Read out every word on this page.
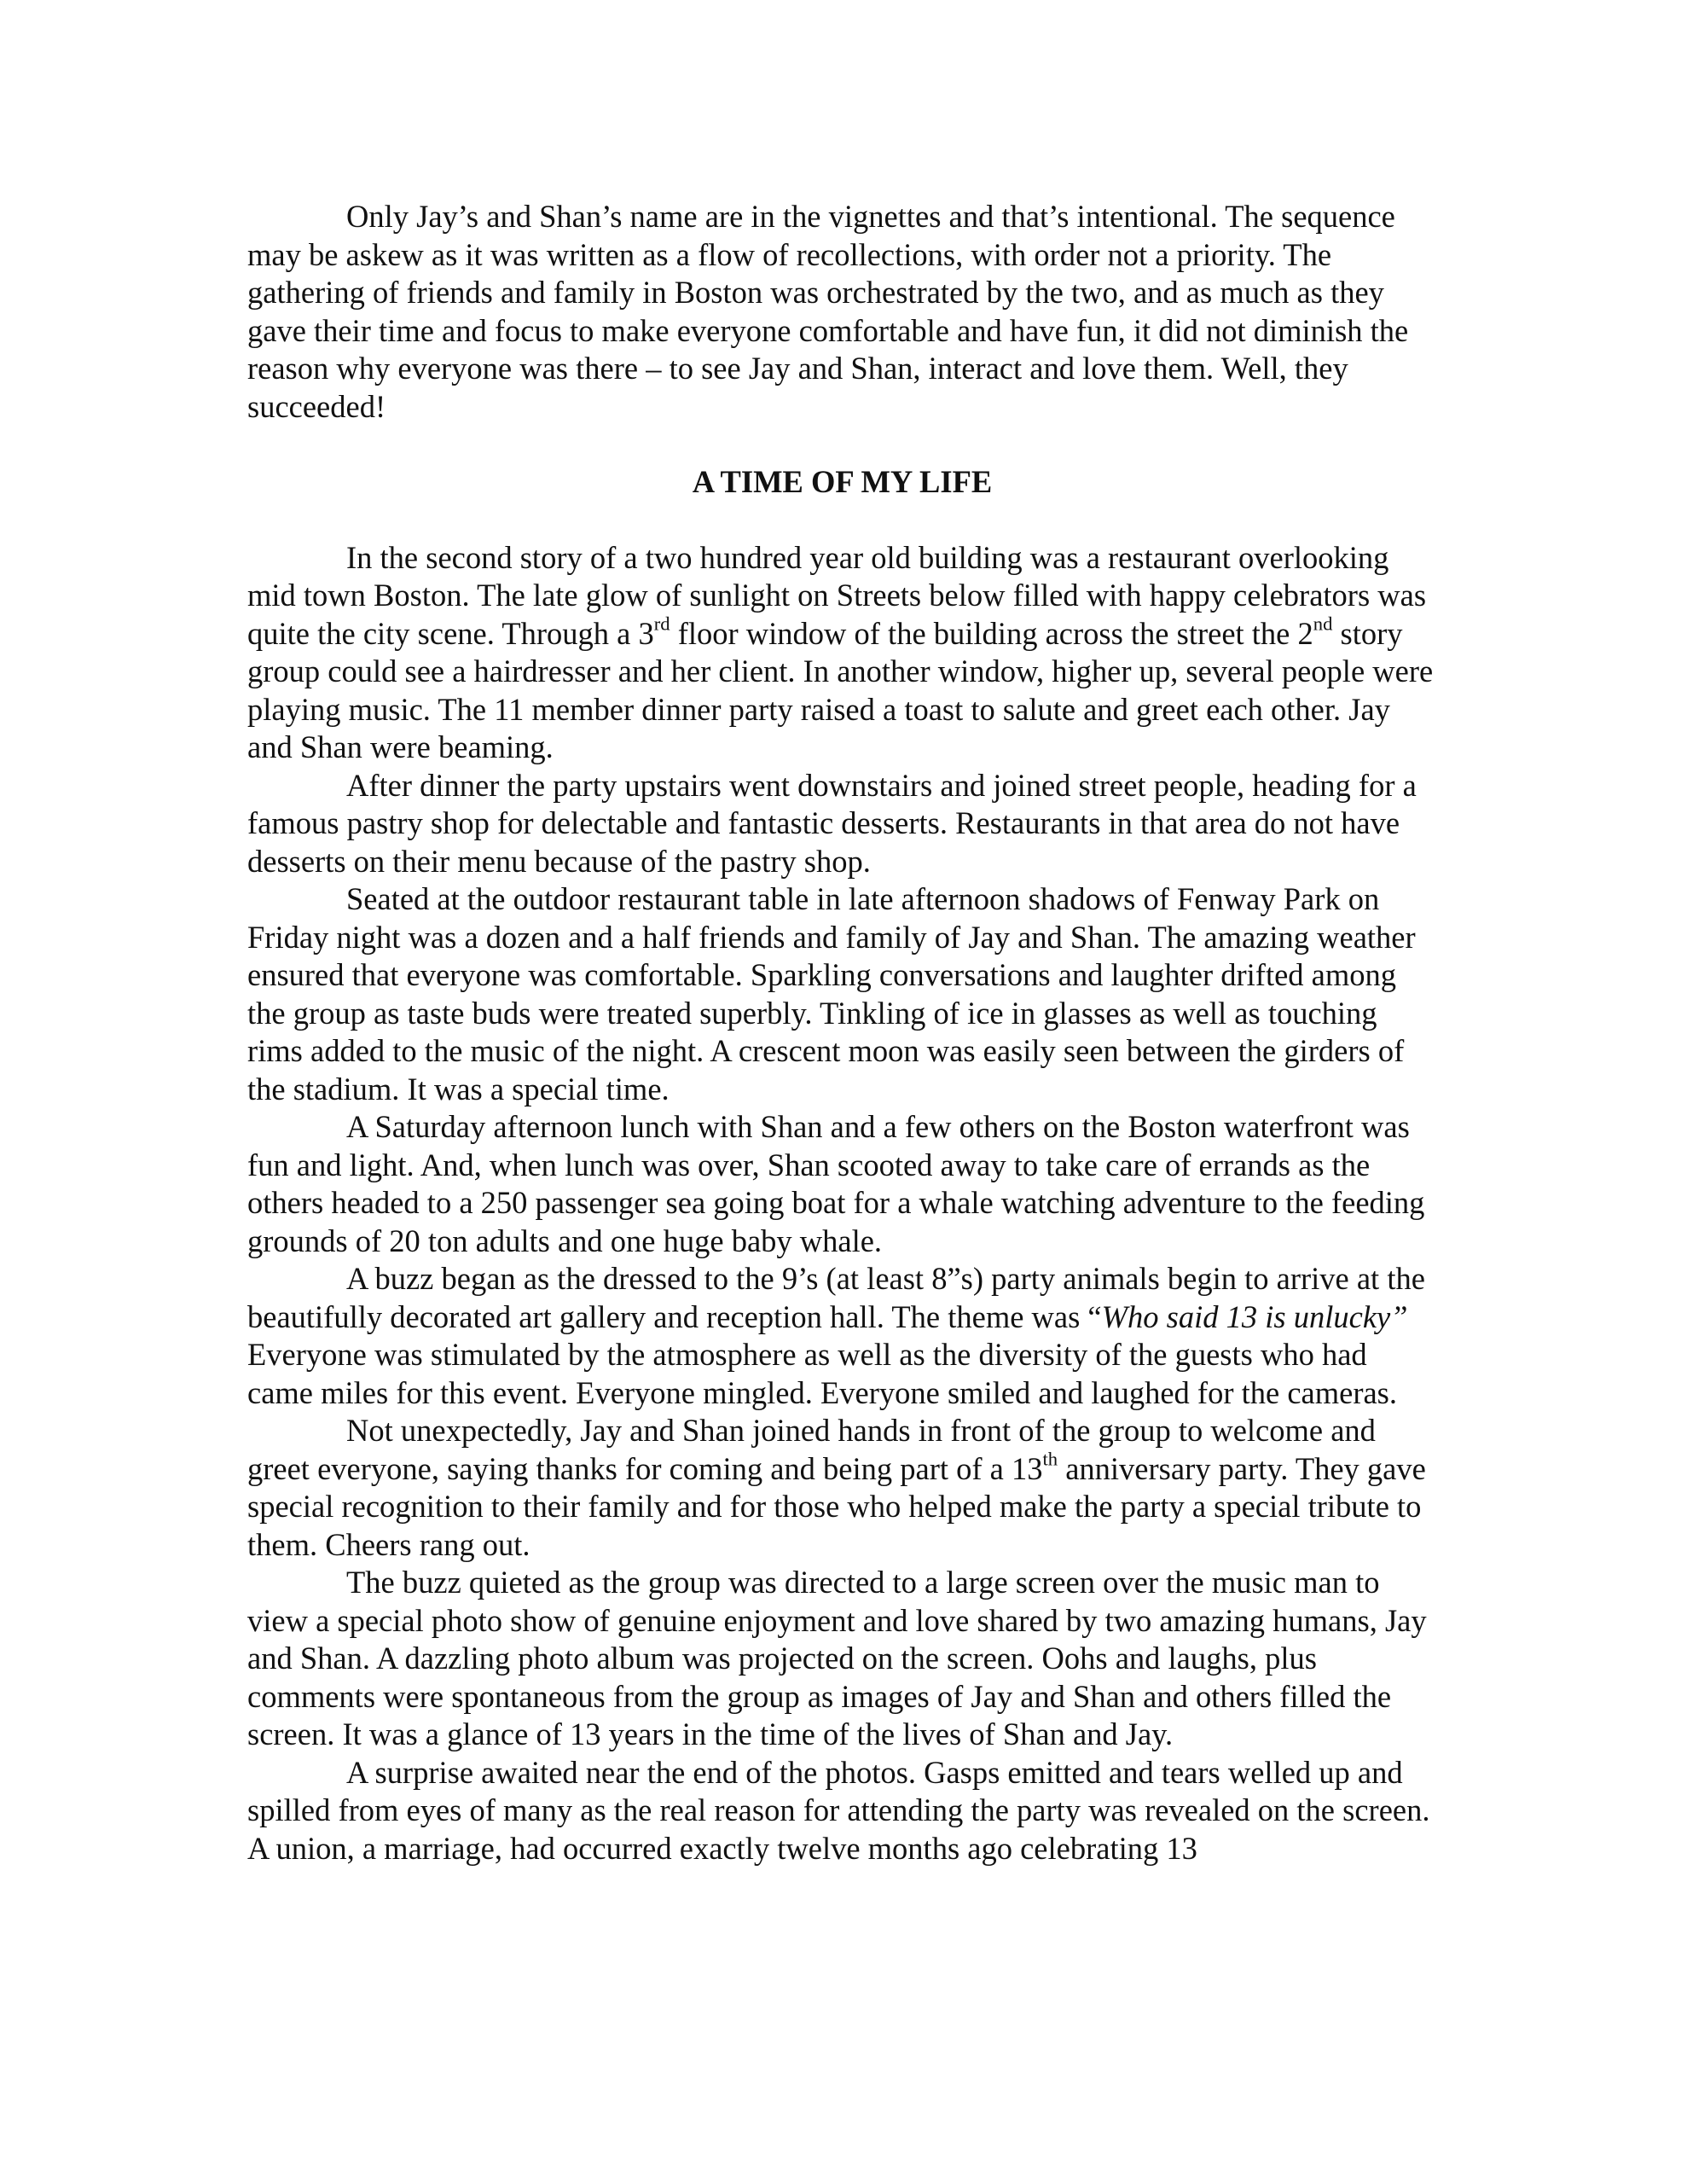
Only Jay’s and Shan’s name are in the vignettes and that’s intentional. The sequence may be askew as it was written as a flow of recollections, with order not a priority. The gathering of friends and family in Boston was orchestrated by the two, and as much as they gave their time and focus to make everyone comfortable and have fun, it did not diminish the reason why everyone was there – to see Jay and Shan, interact and love them. Well, they succeeded!

A TIME OF MY LIFE

In the second story of a two hundred year old building was a restaurant overlooking mid town Boston. The late glow of sunlight on Streets below filled with happy celebrators was quite the city scene. Through a 3rd floor window of the building across the street the 2nd story group could see a hairdresser and her client. In another window, higher up, several people were playing music. The 11 member dinner party raised a toast to salute and greet each other. Jay and Shan were beaming.

After dinner the party upstairs went downstairs and joined street people, heading for a famous pastry shop for delectable and fantastic desserts. Restaurants in that area do not have desserts on their menu because of the pastry shop.

Seated at the outdoor restaurant table in late afternoon shadows of Fenway Park on Friday night was a dozen and a half friends and family of Jay and Shan. The amazing weather ensured that everyone was comfortable. Sparkling conversations and laughter drifted among the group as taste buds were treated superbly. Tinkling of ice in glasses as well as touching rims added to the music of the night. A crescent moon was easily seen between the girders of the stadium. It was a special time.

A Saturday afternoon lunch with Shan and a few others on the Boston waterfront was fun and light. And, when lunch was over, Shan scooted away to take care of errands as the others headed to a 250 passenger sea going boat for a whale watching adventure to the feeding grounds of 20 ton adults and one huge baby whale.

A buzz began as the dressed to the 9’s (at least 8”s) party animals begin to arrive at the beautifully decorated art gallery and reception hall. The theme was “Who said 13 is unlucky” Everyone was stimulated by the atmosphere as well as the diversity of the guests who had came miles for this event. Everyone mingled. Everyone smiled and laughed for the cameras.

Not unexpectedly, Jay and Shan joined hands in front of the group to welcome and greet everyone, saying thanks for coming and being part of a 13th anniversary party. They gave special recognition to their family and for those who helped make the party a special tribute to them. Cheers rang out.

The buzz quieted as the group was directed to a large screen over the music man to view a special photo show of genuine enjoyment and love shared by two amazing humans, Jay and Shan. A dazzling photo album was projected on the screen. Oohs and laughs, plus comments were spontaneous from the group as images of Jay and Shan and others filled the screen. It was a glance of 13 years in the time of the lives of Shan and Jay.

A surprise awaited near the end of the photos. Gasps emitted and tears welled up and spilled from eyes of many as the real reason for attending the party was revealed on the screen. A union, a marriage, had occurred exactly twelve months ago celebrating 13
